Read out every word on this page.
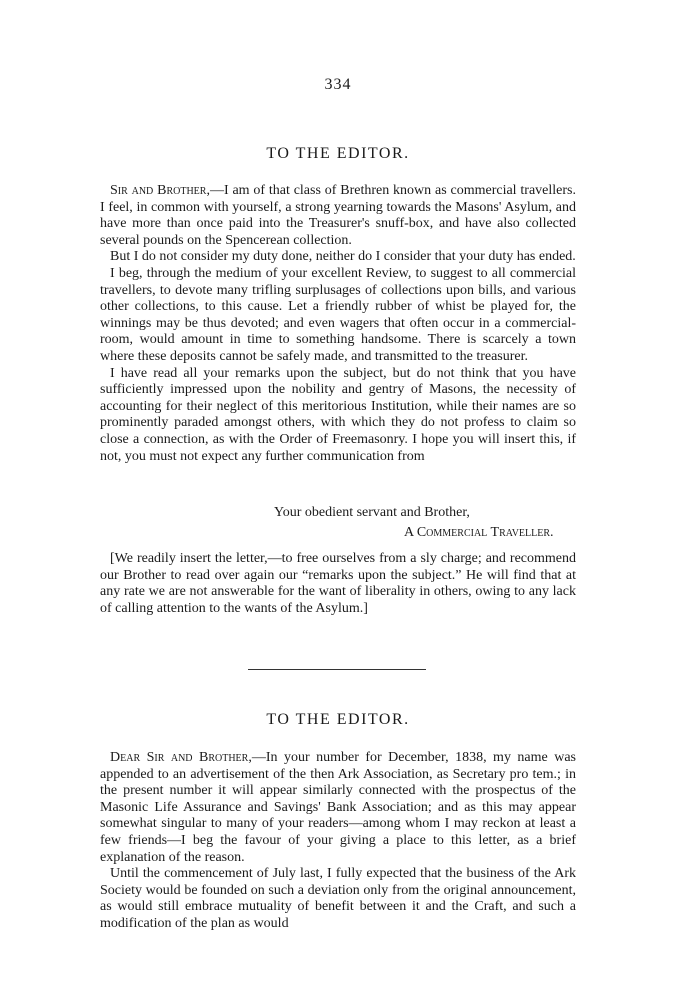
334
TO THE EDITOR.

Sir and Brother,—I am of that class of Brethren known as commercial travellers. I feel, in common with yourself, a strong yearning towards the Masons' Asylum, and have more than once paid into the Treasurer's snuff-box, and have also collected several pounds on the Spencerean collection.

But I do not consider my duty done, neither do I consider that your duty has ended.

I beg, through the medium of your excellent Review, to suggest to all commercial travellers, to devote many trifling surplusages of collections upon bills, and various other collections, to this cause. Let a friendly rubber of whist be played for, the winnings may be thus devoted; and even wagers that often occur in a commercial-room, would amount in time to something handsome. There is scarcely a town where these deposits cannot be safely made, and transmitted to the treasurer.

I have read all your remarks upon the subject, but do not think that you have sufficiently impressed upon the nobility and gentry of Masons, the necessity of accounting for their neglect of this meritorious Institution, while their names are so prominently paraded amongst others, with which they do not profess to claim so close a connection, as with the Order of Freemasonry. I hope you will insert this, if not, you must not expect any further communication from

Your obedient servant and Brother,
A Commercial Traveller.

[We readily insert the letter,—to free ourselves from a sly charge; and recommend our Brother to read over again our “remarks upon the subject.” He will find that at any rate we are not answerable for the want of liberality in others, owing to any lack of calling attention to the wants of the Asylum.]

TO THE EDITOR.

Dear Sir and Brother,—In your number for December, 1838, my name was appended to an advertisement of the then Ark Association, as Secretary pro tem.; in the present number it will appear similarly connected with the prospectus of the Masonic Life Assurance and Savings' Bank Association; and as this may appear somewhat singular to many of your readers—among whom I may reckon at least a few friends—I beg the favour of your giving a place to this letter, as a brief explanation of the reason.

Until the commencement of July last, I fully expected that the business of the Ark Society would be founded on such a deviation only from the original announcement, as would still embrace mutuality of benefit between it and the Craft, and such a modification of the plan as would
